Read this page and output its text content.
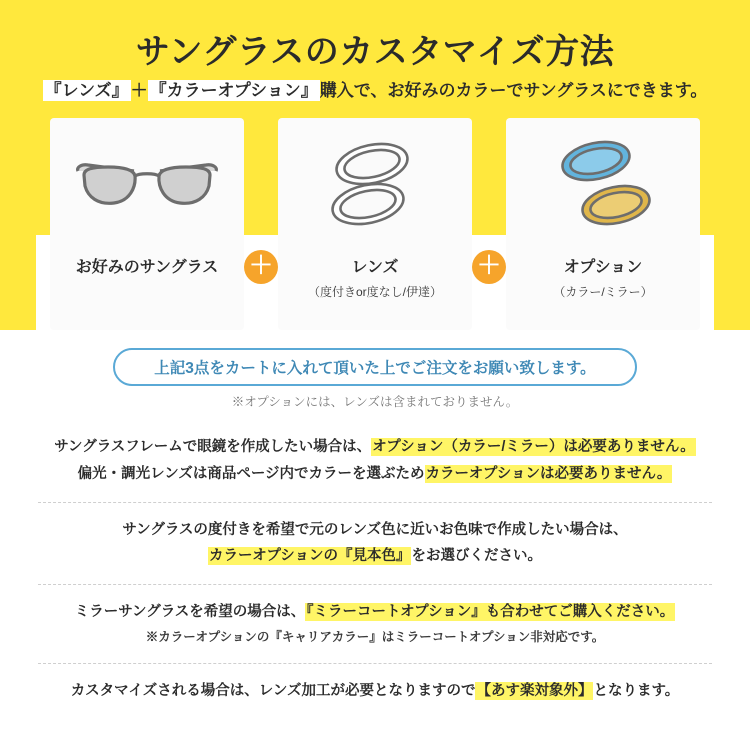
サングラスのカスタマイズ方法
『レンズ』 ＋ 『カラーオプション』 購入で、お好みのカラーでサングラスにできます。
お好みのサングラス ＋	レンズ
（度付きor度なし/伊達）
＋	オプション
（カラー/ミラー）
上記3点をカートに入れて頂いた上でご注文をお願い致します。
※オプションには、レンズは含まれておりません。
サングラスフレームで眼鏡を作成したい場合は、オプション（カラー/ミラー）は必要ありません。
偏光・調光レンズは商品ページ内でカラーを選ぶためカラーオプションは必要ありません。
サングラスの度付きを希望で元のレンズ色に近いお色味で作成したい場合は、
カラーオプションの『見本色』をお選びください。
ミラーサングラスを希望の場合は、『ミラーコートオプション』も合わせてご購入ください。
※カラーオプションの『キャリアカラー』はミラーコートオプション非対応です。
カスタマイズされる場合は、レンズ加工が必要となりますので【あす楽対象外】となります。
